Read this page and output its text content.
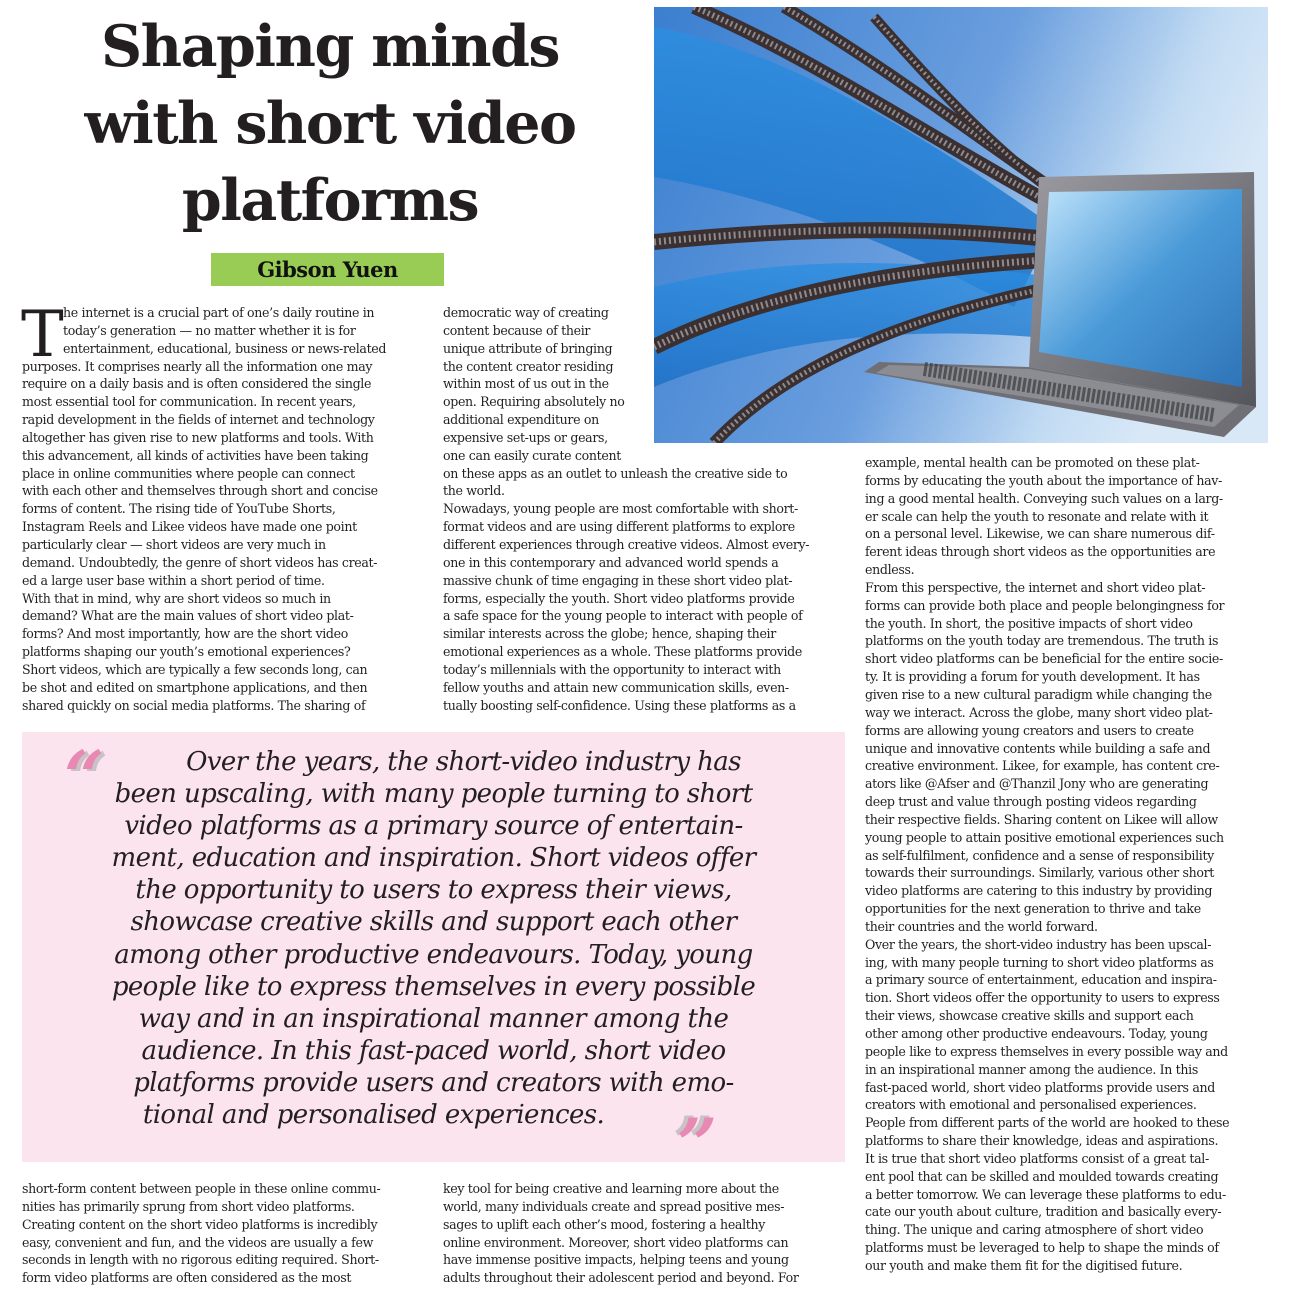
Shaping minds
with short video
platforms
Gibson Yuen
T he internet is a crucial part of one’s daily routine in
today’s generation — no matter whether it is for
entertainment, educational, business or news-related
purposes. It comprises nearly all the information one may
require on a daily basis and is often considered the single
most essential tool for communication. In recent years,
rapid development in the fields of internet and technology
altogether has given rise to new platforms and tools. With
this advancement, all kinds of activities have been taking
place in online communities where people can connect
with each other and themselves through short and concise
forms of content. The rising tide of YouTube Shorts,
Instagram Reels and Likee videos have made one point
particularly clear — short videos are very much in
demand. Undoubtedly, the genre of short videos has creat-
ed a large user base within a short period of time.
With that in mind, why are short videos so much in
demand? What are the main values of short video plat-
forms? And most importantly, how are the short video
platforms shaping our youth’s emotional experiences?
Short videos, which are typically a few seconds long, can
be shot and edited on smartphone applications, and then
shared quickly on social media platforms. The sharing of
democratic way of creating
content because of their
unique attribute of bringing
the content creator residing
within most of us out in the
open. Requiring absolutely no
additional expenditure on
expensive set-ups or gears,
one can easily curate content
on these apps as an outlet to unleash the creative side to
the world.
Nowadays, young people are most comfortable with short-
format videos and are using different platforms to explore
different experiences through creative videos. Almost every-
one in this contemporary and advanced world spends a
massive chunk of time engaging in these short video plat-
forms, especially the youth. Short video platforms provide
a safe space for the young people to interact with people of
similar interests across the globe; hence, shaping their
emotional experiences as a whole. These platforms provide
today’s millennials with the opportunity to interact with
fellow youths and attain new communication skills, even-
tually boosting self-confidence. Using these platforms as a
example, mental health can be promoted on these plat-
forms by educating the youth about the importance of hav-
ing a good mental health. Conveying such values on a larg-
er scale can help the youth to resonate and relate with it
on a personal level. Likewise, we can share numerous dif-
ferent ideas through short videos as the opportunities are
endless.
From this perspective, the internet and short video plat-
forms can provide both place and people belongingness for
the youth. In short, the positive impacts of short video
platforms on the youth today are tremendous. The truth is
short video platforms can be beneficial for the entire socie-
ty. It is providing a forum for youth development. It has
given rise to a new cultural paradigm while changing the
way we interact. Across the globe, many short video plat-
forms are allowing young creators and users to create
unique and innovative contents while building a safe and
creative environment. Likee, for example, has content cre-
ators like @Afser and @Thanzil Jony who are generating
deep trust and value through posting videos regarding
their respective fields. Sharing content on Likee will allow
young people to attain positive emotional experiences such
as self-fulfilment, confidence and a sense of responsibility
towards their surroundings. Similarly, various other short
video platforms are catering to this industry by providing
opportunities for the next generation to thrive and take
their countries and the world forward.
Over the years, the short-video industry has been upscal-
ing, with many people turning to short video platforms as
a primary source of entertainment, education and inspira-
tion. Short videos offer the opportunity to users to express
their views, showcase creative skills and support each
other among other productive endeavours. Today, young
people like to express themselves in every possible way and
in an inspirational manner among the audience. In this
fast-paced world, short video platforms provide users and
creators with emotional and personalised experiences.
People from different parts of the world are hooked to these
platforms to share their knowledge, ideas and aspirations.
It is true that short video platforms consist of a great tal-
ent pool that can be skilled and moulded towards creating
a better tomorrow. We can leverage these platforms to edu-
cate our youth about culture, tradition and basically every-
thing. The unique and caring atmosphere of short video
platforms must be leveraged to help to shape the minds of
our youth and make them fit for the digitised future.
“	Over the years, the short-video industry has
been upscaling, with many people turning to short
video platforms as a primary source of entertain-
ment, education and inspiration. Short videos offer
the opportunity to users to express their views,
showcase creative skills and support each other
among other productive endeavours. Today, young
people like to express themselves in every possible
way and in an inspirational manner among the
audience. In this fast-paced world, short video
platforms provide users and creators with emo-
tional and personalised experiences.	”
short-form content between people in these online commu-
nities has primarily sprung from short video platforms.
Creating content on the short video platforms is incredibly
easy, convenient and fun, and the videos are usually a few
seconds in length with no rigorous editing required. Short-
form video platforms are often considered as the most
key tool for being creative and learning more about the
world, many individuals create and spread positive mes-
sages to uplift each other’s mood, fostering a healthy
online environment. Moreover, short video platforms can
have immense positive impacts, helping teens and young
adults throughout their adolescent period and beyond. For
